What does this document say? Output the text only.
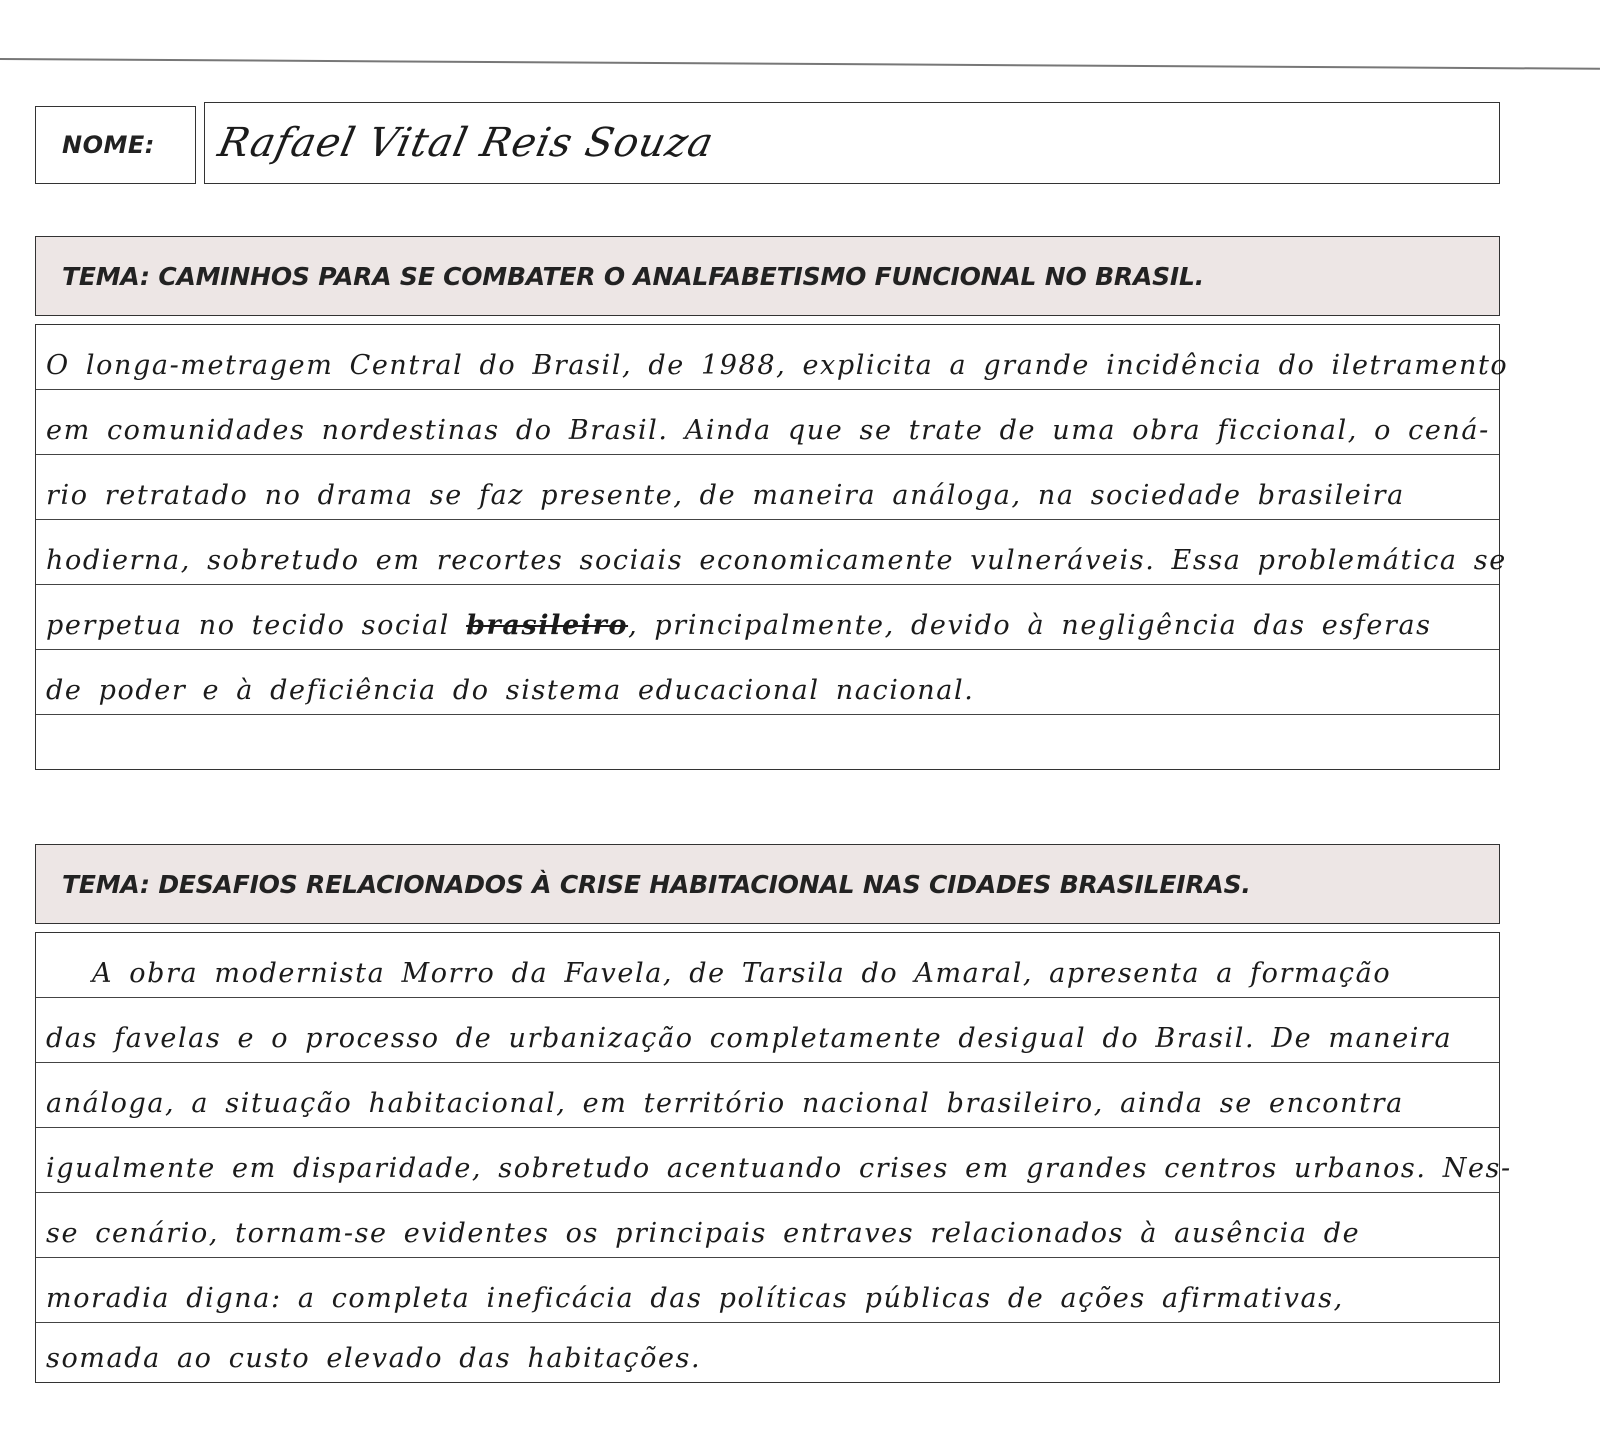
NOME: Rafael Vital Reis Souza
TEMA: CAMINHOS PARA SE COMBATER O ANALFABETISMO FUNCIONAL NO BRASIL.
O longa-metragem Central do Brasil, de 1988, explicita a grande incidência do iletramento
em comunidades nordestinas do Brasil. Ainda que se trate de uma obra ficcional, o cená-
rio retratado no drama se faz presente, de maneira análoga, na sociedade brasileira
hodierna, sobretudo em recortes sociais economicamente vulneráveis. Essa problemática se
perpetua no tecido social brasileiro, principalmente, devido à negligência das esferas
de poder e à deficiência do sistema educacional nacional.
TEMA: DESAFIOS RELACIONADOS À CRISE HABITACIONAL NAS CIDADES BRASILEIRAS.
A obra modernista Morro da Favela, de Tarsila do Amaral, apresenta a formação
das favelas e o processo de urbanização completamente desigual do Brasil. De maneira
análoga, a situação habitacional, em território nacional brasileiro, ainda se encontra
igualmente em disparidade, sobretudo acentuando crises em grandes centros urbanos. Nes-
se cenário, tornam-se evidentes os principais entraves relacionados à ausência de
moradia digna: a completa ineficácia das políticas públicas de ações afirmativas,
somada ao custo elevado das habitações.
